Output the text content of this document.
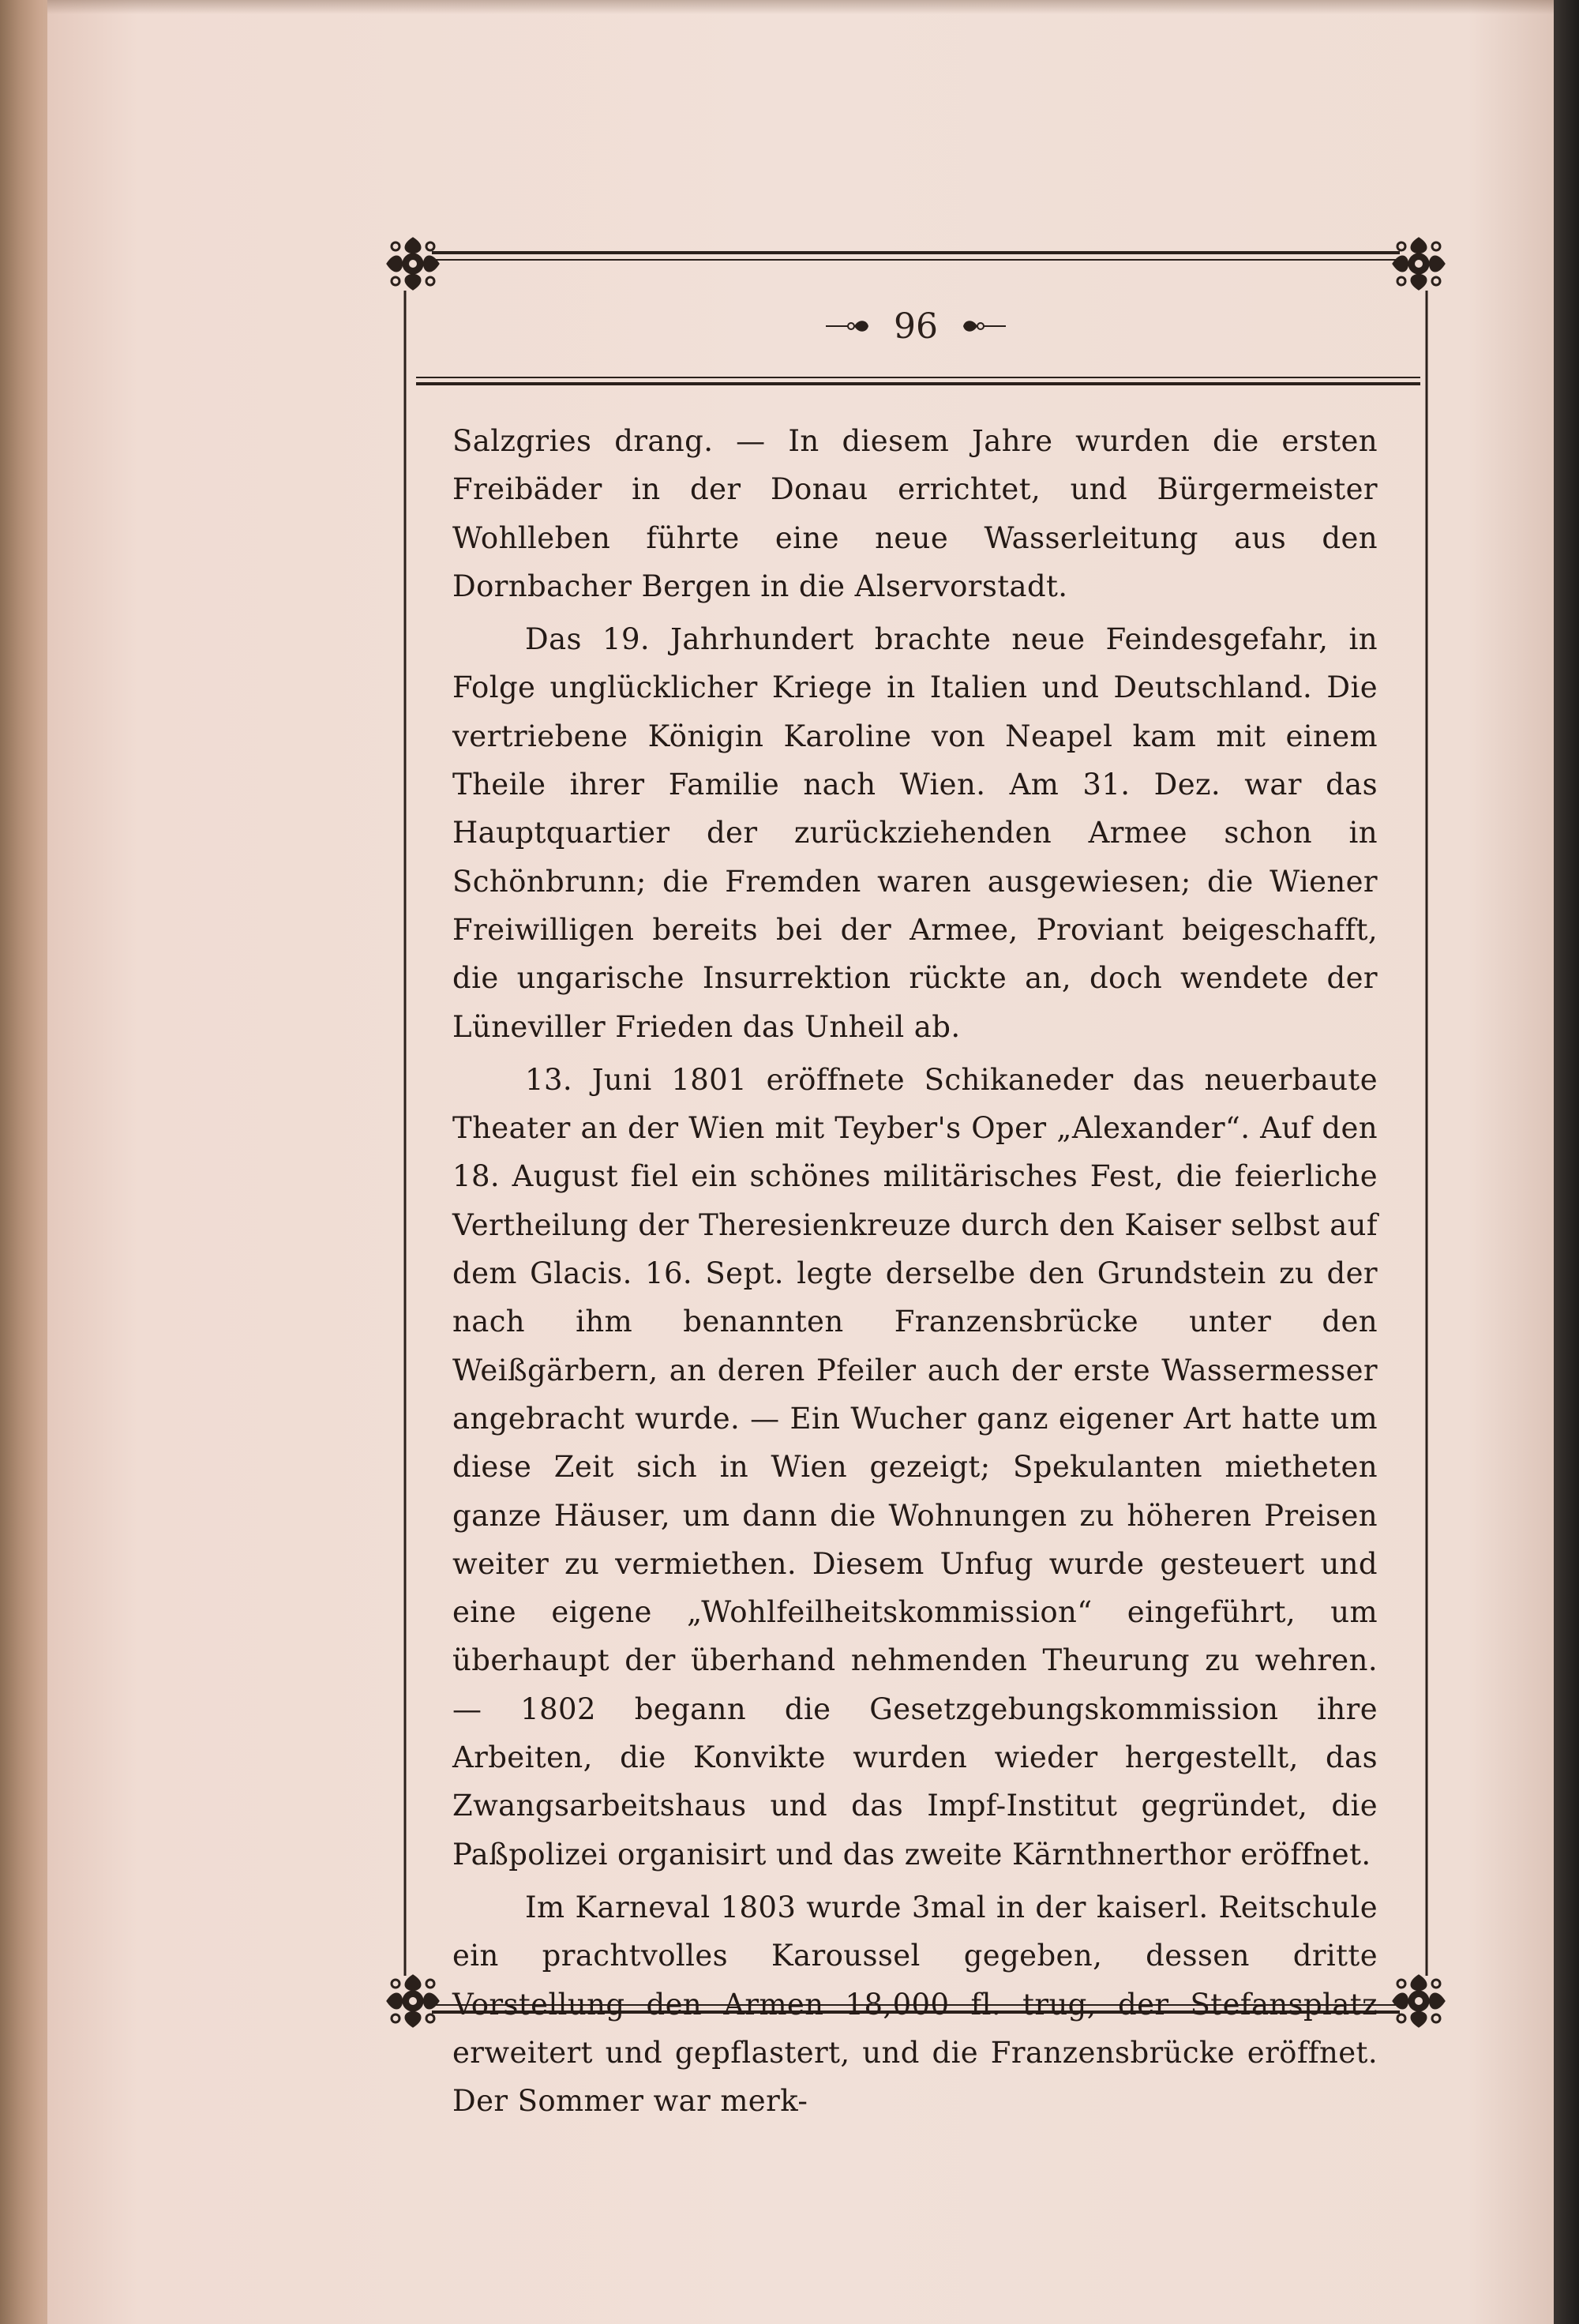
96

Salzgries drang. — In diesem Jahre wurden die ersten Freibäder in der Donau errichtet, und Bürgermeister Wohlleben führte eine neue Wasserleitung aus den Dornbacher Bergen in die Alservorstadt.

Das 19. Jahrhundert brachte neue Feindesgefahr, in Folge unglücklicher Kriege in Italien und Deutschland. Die vertriebene Königin Karoline von Neapel kam mit einem Theile ihrer Familie nach Wien. Am 31. Dez. war das Hauptquartier der zurückziehenden Armee schon in Schönbrunn; die Fremden waren ausgewiesen; die Wiener Freiwilligen bereits bei der Armee, Proviant beigeschafft, die ungarische Insurrektion rückte an, doch wendete der Lüneviller Frieden das Unheil ab.

13. Juni 1801 eröffnete Schikaneder das neuerbaute Theater an der Wien mit Teyber's Oper „Alexander“. Auf den 18. August fiel ein schönes militärisches Fest, die feierliche Vertheilung der Theresienkreuze durch den Kaiser selbst auf dem Glacis. 16. Sept. legte derselbe den Grundstein zu der nach ihm benannten Franzensbrücke unter den Weißgärbern, an deren Pfeiler auch der erste Wassermesser angebracht wurde. — Ein Wucher ganz eigener Art hatte um diese Zeit sich in Wien gezeigt; Spekulanten mietheten ganze Häuser, um dann die Wohnungen zu höheren Preisen weiter zu vermiethen. Diesem Unfug wurde gesteuert und eine eigene „Wohlfeilheitskommission“ eingeführt, um überhaupt der überhand nehmenden Theurung zu wehren. — 1802 begann die Gesetzgebungskommission ihre Arbeiten, die Konvikte wurden wieder hergestellt, das Zwangsarbeitshaus und das Impf-Institut gegründet, die Paßpolizei organisirt und das zweite Kärnthnerthor eröffnet.

Im Karneval 1803 wurde 3mal in der kaiserl. Reitschule ein prachtvolles Karoussel gegeben, dessen dritte Vorstellung den Armen 18,000 fl. trug, der Stefansplatz erweitert und gepflastert, und die Franzensbrücke eröffnet. Der Sommer war merk-
